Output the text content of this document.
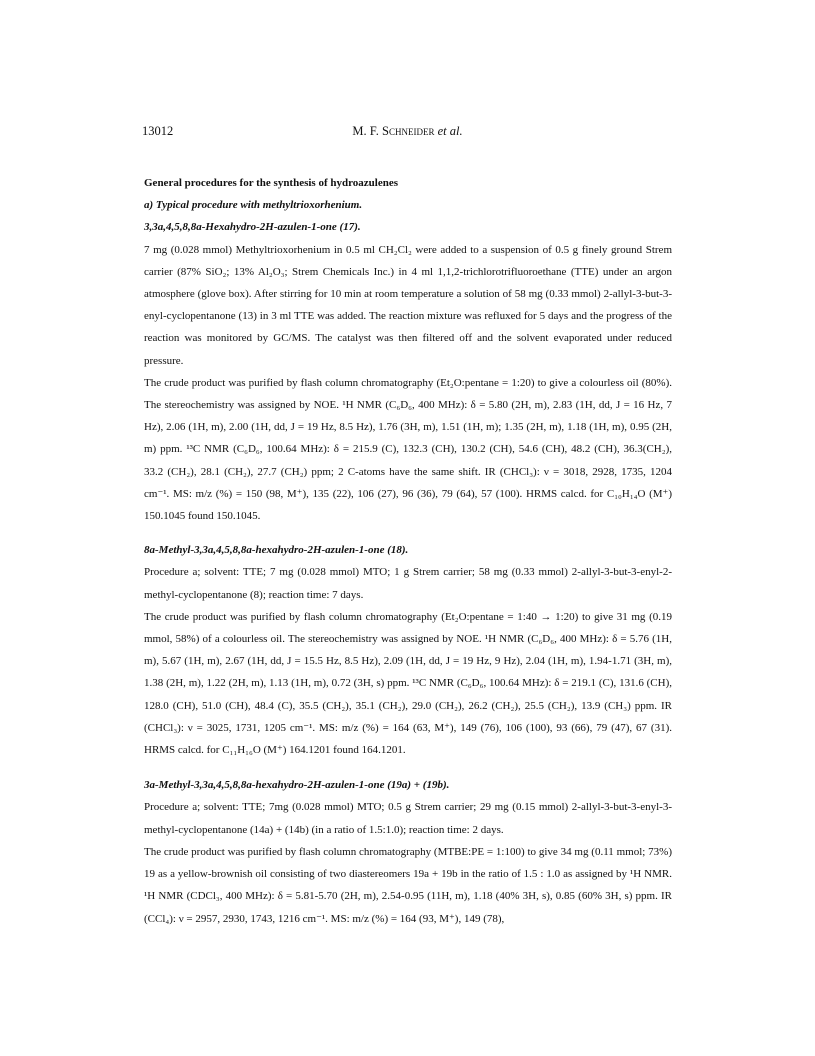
13012	M. F. Schneider et al.

General procedures for the synthesis of hydroazulenes

a) Typical procedure with methyltrioxorhenium.

3,3a,4,5,8,8a-Hexahydro-2H-azulen-1-one (17).

7 mg (0.028 mmol) Methyltrioxorhenium in 0.5 ml CH₂Cl₂ were added to a suspension of 0.5 g finely ground Strem carrier (87% SiO₂; 13% Al₂O₃; Strem Chemicals Inc.) in 4 ml 1,1,2-trichlorotrifluoroethane (TTE) under an argon atmosphere (glove box). After stirring for 10 min at room temperature a solution of 58 mg (0.33 mmol) 2-allyl-3-but-3-enyl-cyclopentanone (13) in 3 ml TTE was added. The reaction mixture was refluxed for 5 days and the progress of the reaction was monitored by GC/MS. The catalyst was then filtered off and the solvent evaporated under reduced pressure.

The crude product was purified by flash column chromatography (Et₂O:pentane = 1:20) to give a colourless oil (80%). The stereochemistry was assigned by NOE. ¹H NMR (C₆D₆, 400 MHz): δ = 5.80 (2H, m), 2.83 (1H, dd, J = 16 Hz, 7 Hz), 2.06 (1H, m), 2.00 (1H, dd, J = 19 Hz, 8.5 Hz), 1.76 (3H, m), 1.51 (1H, m); 1.35 (2H, m), 1.18 (1H, m), 0.95 (2H, m) ppm. ¹³C NMR (C₆D₆, 100.64 MHz): δ = 215.9 (C), 132.3 (CH), 130.2 (CH), 54.6 (CH), 48.2 (CH), 36.3(CH₂), 33.2 (CH₂), 28.1 (CH₂), 27.7 (CH₂) ppm; 2 C-atoms have the same shift. IR (CHCl₃): ν = 3018, 2928, 1735, 1204 cm⁻¹. MS: m/z (%) = 150 (98, M⁺), 135 (22), 106 (27), 96 (36), 79 (64), 57 (100). HRMS calcd. for C₁₀H₁₄O (M⁺) 150.1045 found 150.1045.

8a-Methyl-3,3a,4,5,8,8a-hexahydro-2H-azulen-1-one (18).

Procedure a; solvent: TTE; 7 mg (0.028 mmol) MTO; 1 g Strem carrier; 58 mg (0.33 mmol) 2-allyl-3-but-3-enyl-2-methyl-cyclopentanone (8); reaction time: 7 days.

The crude product was purified by flash column chromatography (Et₂O:pentane = 1:40 → 1:20) to give 31 mg (0.19 mmol, 58%) of a colourless oil. The stereochemistry was assigned by NOE. ¹H NMR (C₆D₆, 400 MHz): δ = 5.76 (1H, m), 5.67 (1H, m), 2.67 (1H, dd, J = 15.5 Hz, 8.5 Hz), 2.09 (1H, dd, J = 19 Hz, 9 Hz), 2.04 (1H, m), 1.94-1.71 (3H, m), 1.38 (2H, m), 1.22 (2H, m), 1.13 (1H, m), 0.72 (3H, s) ppm. ¹³C NMR (C₆D₆, 100.64 MHz): δ = 219.1 (C), 131.6 (CH), 128.0 (CH), 51.0 (CH), 48.4 (C), 35.5 (CH₂), 35.1 (CH₂), 29.0 (CH₂), 26.2 (CH₂), 25.5 (CH₂), 13.9 (CH₃) ppm. IR (CHCl₃): ν = 3025, 1731, 1205 cm⁻¹. MS: m/z (%) = 164 (63, M⁺), 149 (76), 106 (100), 93 (66), 79 (47), 67 (31). HRMS calcd. for C₁₁H₁₆O (M⁺) 164.1201 found 164.1201.

3a-Methyl-3,3a,4,5,8,8a-hexahydro-2H-azulen-1-one (19a) + (19b).

Procedure a; solvent: TTE; 7mg (0.028 mmol) MTO; 0.5 g Strem carrier; 29 mg (0.15 mmol) 2-allyl-3-but-3-enyl-3-methyl-cyclopentanone (14a) + (14b) (in a ratio of 1.5:1.0); reaction time: 2 days.

The crude product was purified by flash column chromatography (MTBE:PE = 1:100) to give 34 mg (0.11 mmol; 73%) 19 as a yellow-brownish oil consisting of two diastereomers 19a + 19b in the ratio of 1.5 : 1.0 as assigned by ¹H NMR. ¹H NMR (CDCl₃, 400 MHz): δ = 5.81-5.70 (2H, m), 2.54-0.95 (11H, m), 1.18 (40% 3H, s), 0.85 (60% 3H, s) ppm. IR (CCl₄): ν = 2957, 2930, 1743, 1216 cm⁻¹. MS: m/z (%) = 164 (93, M⁺), 149 (78),
